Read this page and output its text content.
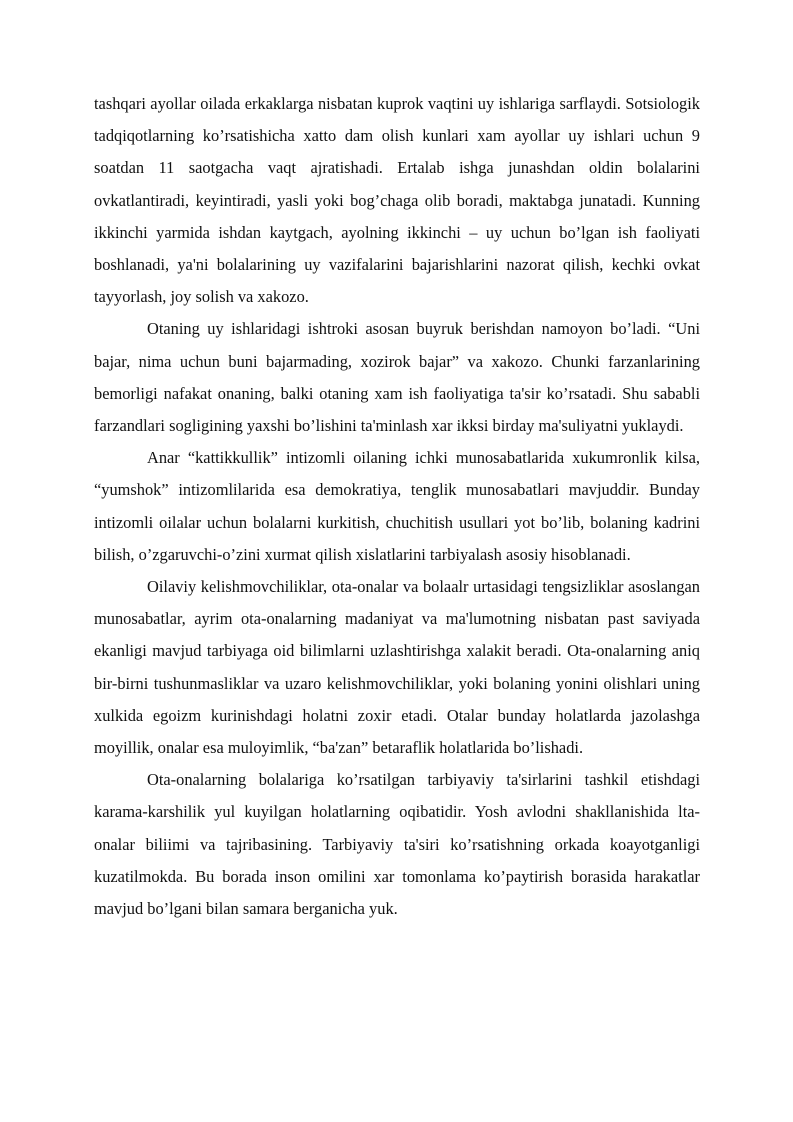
tashqari ayollar oilada erkaklarga nisbatan kuprok vaqtini uy ishlariga sarflaydi. Sotsiologik tadqiqotlarning ko’rsatishicha xatto dam olish kunlari xam ayollar uy ishlari uchun 9 soatdan 11 saotgacha vaqt ajratishadi. Ertalab ishga junashdan oldin bolalarini ovkatlantiradi, keyintiradi, yasli yoki bog’chaga olib boradi, maktabga junatadi. Kunning ikkinchi yarmida ishdan kaytgach, ayolning ikkinchi – uy uchun bo’lgan ish faoliyati boshlanadi, ya'ni bolalarining uy vazifalarini bajarishlarini nazorat qilish, kechki ovkat tayyorlash, joy solish va xakozo.

Otaning uy ishlaridagi ishtroki asosan buyruk berishdan namoyon bo’ladi. “Uni bajar, nima uchun buni bajarmading, xozirok bajar” va xakozo. Chunki farzanlarining bemorligi nafakat onaning, balki otaning xam ish faoliyatiga ta'sir ko’rsatadi. Shu sababli farzandlari sogligining yaxshi bo’lishini ta'minlash xar ikksi birday ma'suliyatni yuklaydi.

Anar “kattikkullik” intizomli oilaning ichki munosabatlarida xukumronlik kilsa, “yumshok” intizomlilarida esa demokratiya, tenglik munosabatlari mavjuddir. Bunday intizomli oilalar uchun bolalarni kurkitish, chuchitish usullari yot bo’lib, bolaning kadrini bilish, o’zgaruvchi-o’zini xurmat qilish xislatlarini tarbiyalash asosiy hisoblanadi.

Oilaviy kelishmovchiliklar, ota-onalar va bolaalr urtasidagi tengsizliklar asoslangan munosabatlar, ayrim ota-onalarning madaniyat va ma'lumotning nisbatan past saviyada ekanligi mavjud tarbiyaga oid bilimlarni uzlashtirishga xalakit beradi. Ota-onalarning aniq bir-birni tushunmasliklar va uzaro kelishmovchiliklar, yoki bolaning yonini olishlari uning xulkida egoizm kurinishdagi holatni zoxir etadi. Otalar bunday holatlarda jazolashga moyillik, onalar esa muloyimlik, “ba'zan” betaraflik holatlarida bo’lishadi.

Ota-onalarning bolalariga ko’rsatilgan tarbiyaviy ta'sirlarini tashkil etishdagi karama-karshilik yul kuyilgan holatlarning oqibatidir. Yosh avlodni shakllanishida lta-onalar biliimi va tajribasining. Tarbiyaviy ta'siri ko’rsatishning orkada koayotganligi kuzatilmokda. Bu borada inson omilini xar tomonlama ko’paytirish borasida harakatlar mavjud bo’lgani bilan samara berganicha yuk.
